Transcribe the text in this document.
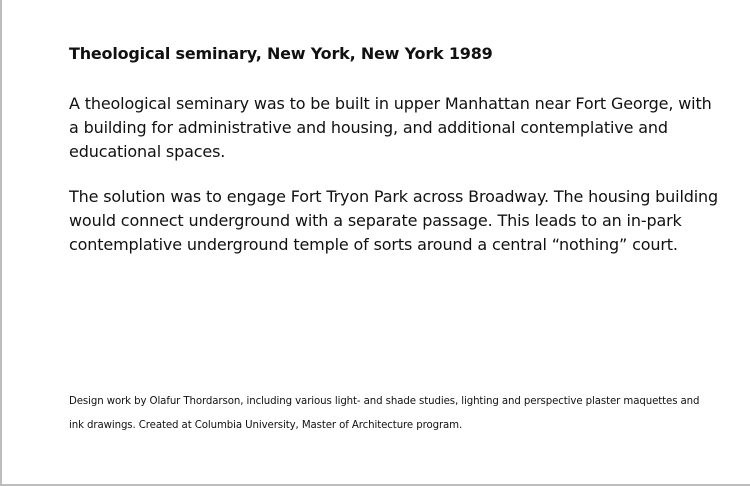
Theological seminary, New York, New York 1989

A theological seminary was to be built in upper Manhattan near Fort George, with a building for administrative and housing, and additional contemplative and educational spaces.

The solution was to engage Fort Tryon Park across Broadway. The housing building would connect underground with a separate passage. This leads to an in-park contemplative underground temple of sorts around a central “nothing” court.

Design work by Olafur Thordarson, including various light- and shade studies, lighting and perspective plaster maquettes and ink drawings. Created at Columbia University, Master of Architecture program.
